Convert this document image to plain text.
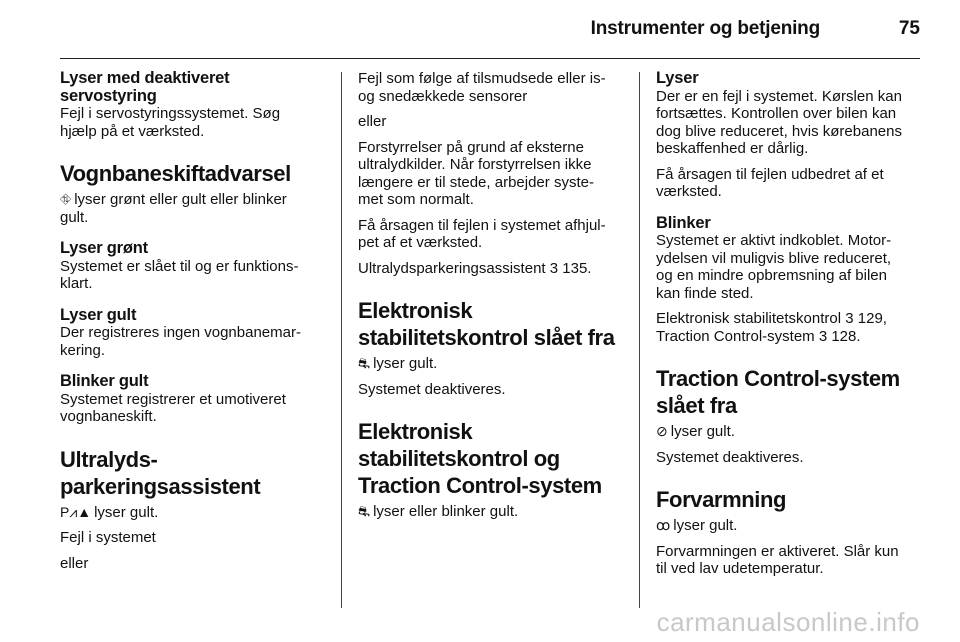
Instrumenter og betjening	75
Lyser med deaktiveret
servostyring

Fejl i servostyringssystemet. Søg
hjælp på et værksted.

Vognbaneskiftadvarsel

⛗ lyser grønt eller gult eller blinker
gult.

Lyser grønt

Systemet er slået til og er funktions-
klart.

Lyser gult

Der registreres ingen vognbanemar-
kering.

Blinker gult

Systemet registrerer et umotiveret
vognbaneskift.

Ultralyds-
parkeringsassistent

P⩘▲ lyser gult.

Fejl i systemet

eller

Fejl som følge af tilsmudsede eller is-
og snedækkede sensorer

eller

Forstyrrelser på grund af eksterne
ultralydkilder. Når forstyrrelsen ikke
længere er til stede, arbejder syste-
met som normalt.

Få årsagen til fejlen i systemet afhjul-
pet af et værksted.

Ultralydsparkeringsassistent 3 135.

Elektronisk
stabilitetskontrol slået fra

⛐ lyser gult.

Systemet deaktiveres.

Elektronisk
stabilitetskontrol og
Traction Control-system

⛐ lyser eller blinker gult.

Lyser

Der er en fejl i systemet. Kørslen kan
fortsættes. Kontrollen over bilen kan
dog blive reduceret, hvis kørebanens
beskaffenhed er dårlig.

Få årsagen til fejlen udbedret af et
værksted.

Blinker

Systemet er aktivt indkoblet. Motor-
ydelsen vil muligvis blive reduceret,
og en mindre opbremsning af bilen
kan finde sted.

Elektronisk stabilitetskontrol 3 129,
Traction Control-system 3 128.

Traction Control-system
slået fra

⊘ lyser gult.

Systemet deaktiveres.

Forvarmning

ꝏ lyser gult.

Forvarmningen er aktiveret. Slår kun
til ved lav udetemperatur.

carmanualsonline.info
